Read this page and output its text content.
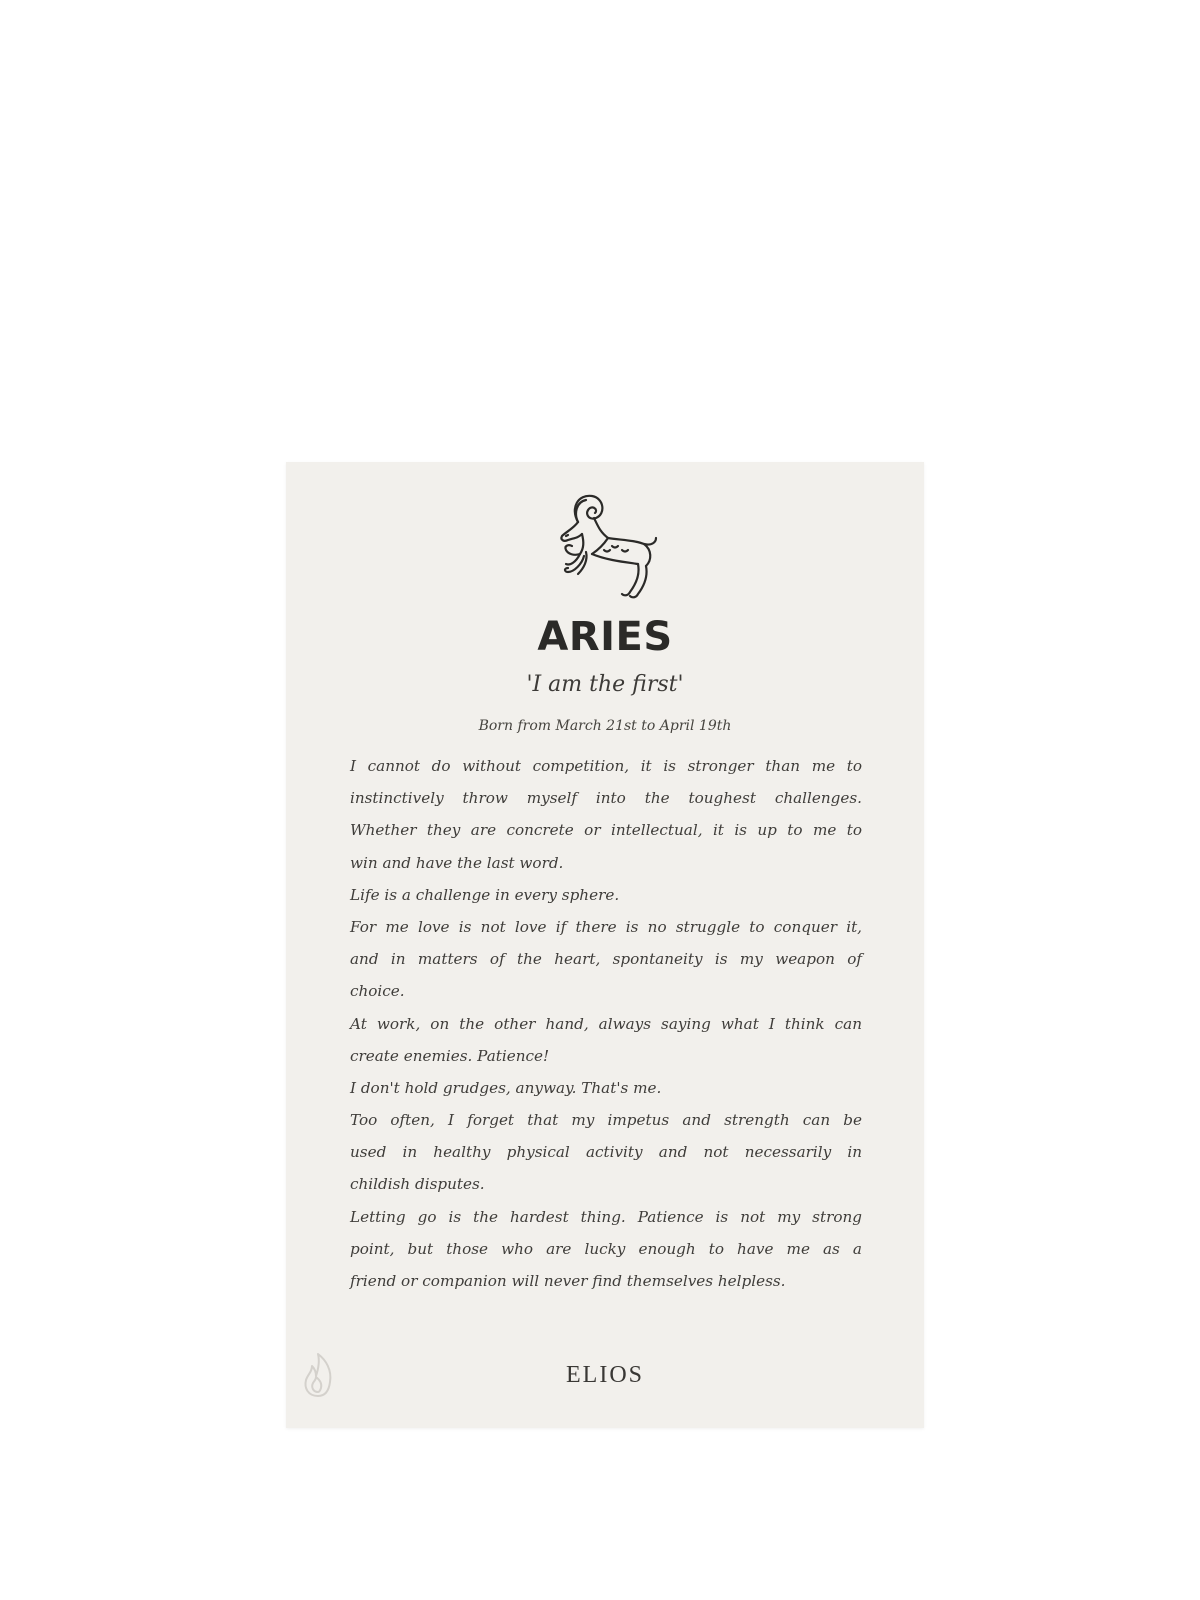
ARIES
'I am the first'
Born from March 21st to April 19th
I cannot do without competition, it is stronger than me to
instinctively throw myself into the toughest challenges.
Whether they are concrete or intellectual, it is up to me to
win and have the last word.
Life is a challenge in every sphere.
For me love is not love if there is no struggle to conquer it,
and in matters of the heart, spontaneity is my weapon of
choice.
At work, on the other hand, always saying what I think can
create enemies. Patience!
I don't hold grudges, anyway. That's me.
Too often, I forget that my impetus and strength can be
used in healthy physical activity and not necessarily in
childish disputes.
Letting go is the hardest thing. Patience is not my strong
point, but those who are lucky enough to have me as a
friend or companion will never find themselves helpless.
ELIOS
